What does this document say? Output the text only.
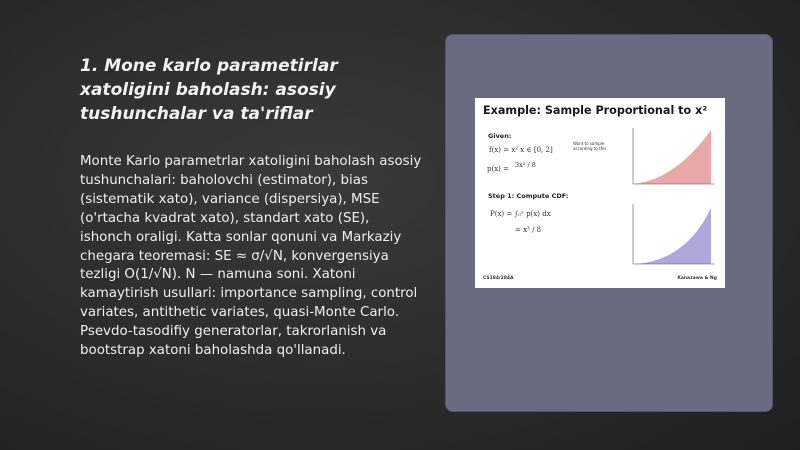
1. Mone karlo parametirlar xatoligini baholash: asosiy tushunchalar va ta'riflar

Monte Karlo parametrlar xatoligini baholash asosiy tushunchalari: baholovchi (estimator), bias (sistematik xato), variance (dispersiya), MSE (o'rtacha kvadrat xato), standart xato (SE), ishonch oraligi. Katta sonlar qonuni va Markaziy chegara teoremasi: SE ≈ σ/√N, konvergensiya tezligi O(1/√N). N — namuna soni. Xatoni kamaytirish usullari: importance sampling, control variates, antithetic variates, quasi-Monte Carlo. Psevdo-tasodifiy generatorlar, takrorlanish va bootstrap xatoni baholashda qo'llanadi.

Example: Sample Proportional to x²
Given:
f(x) = x² x ∈ [0, 2]
p(x) = 3x² / 8
Want to sample according to this
Step 1: Compute CDF:
P(x) = ∫₀ˣ p(x) dx
= x³ / 8
CS184/284A	Kanazawa & Ng
